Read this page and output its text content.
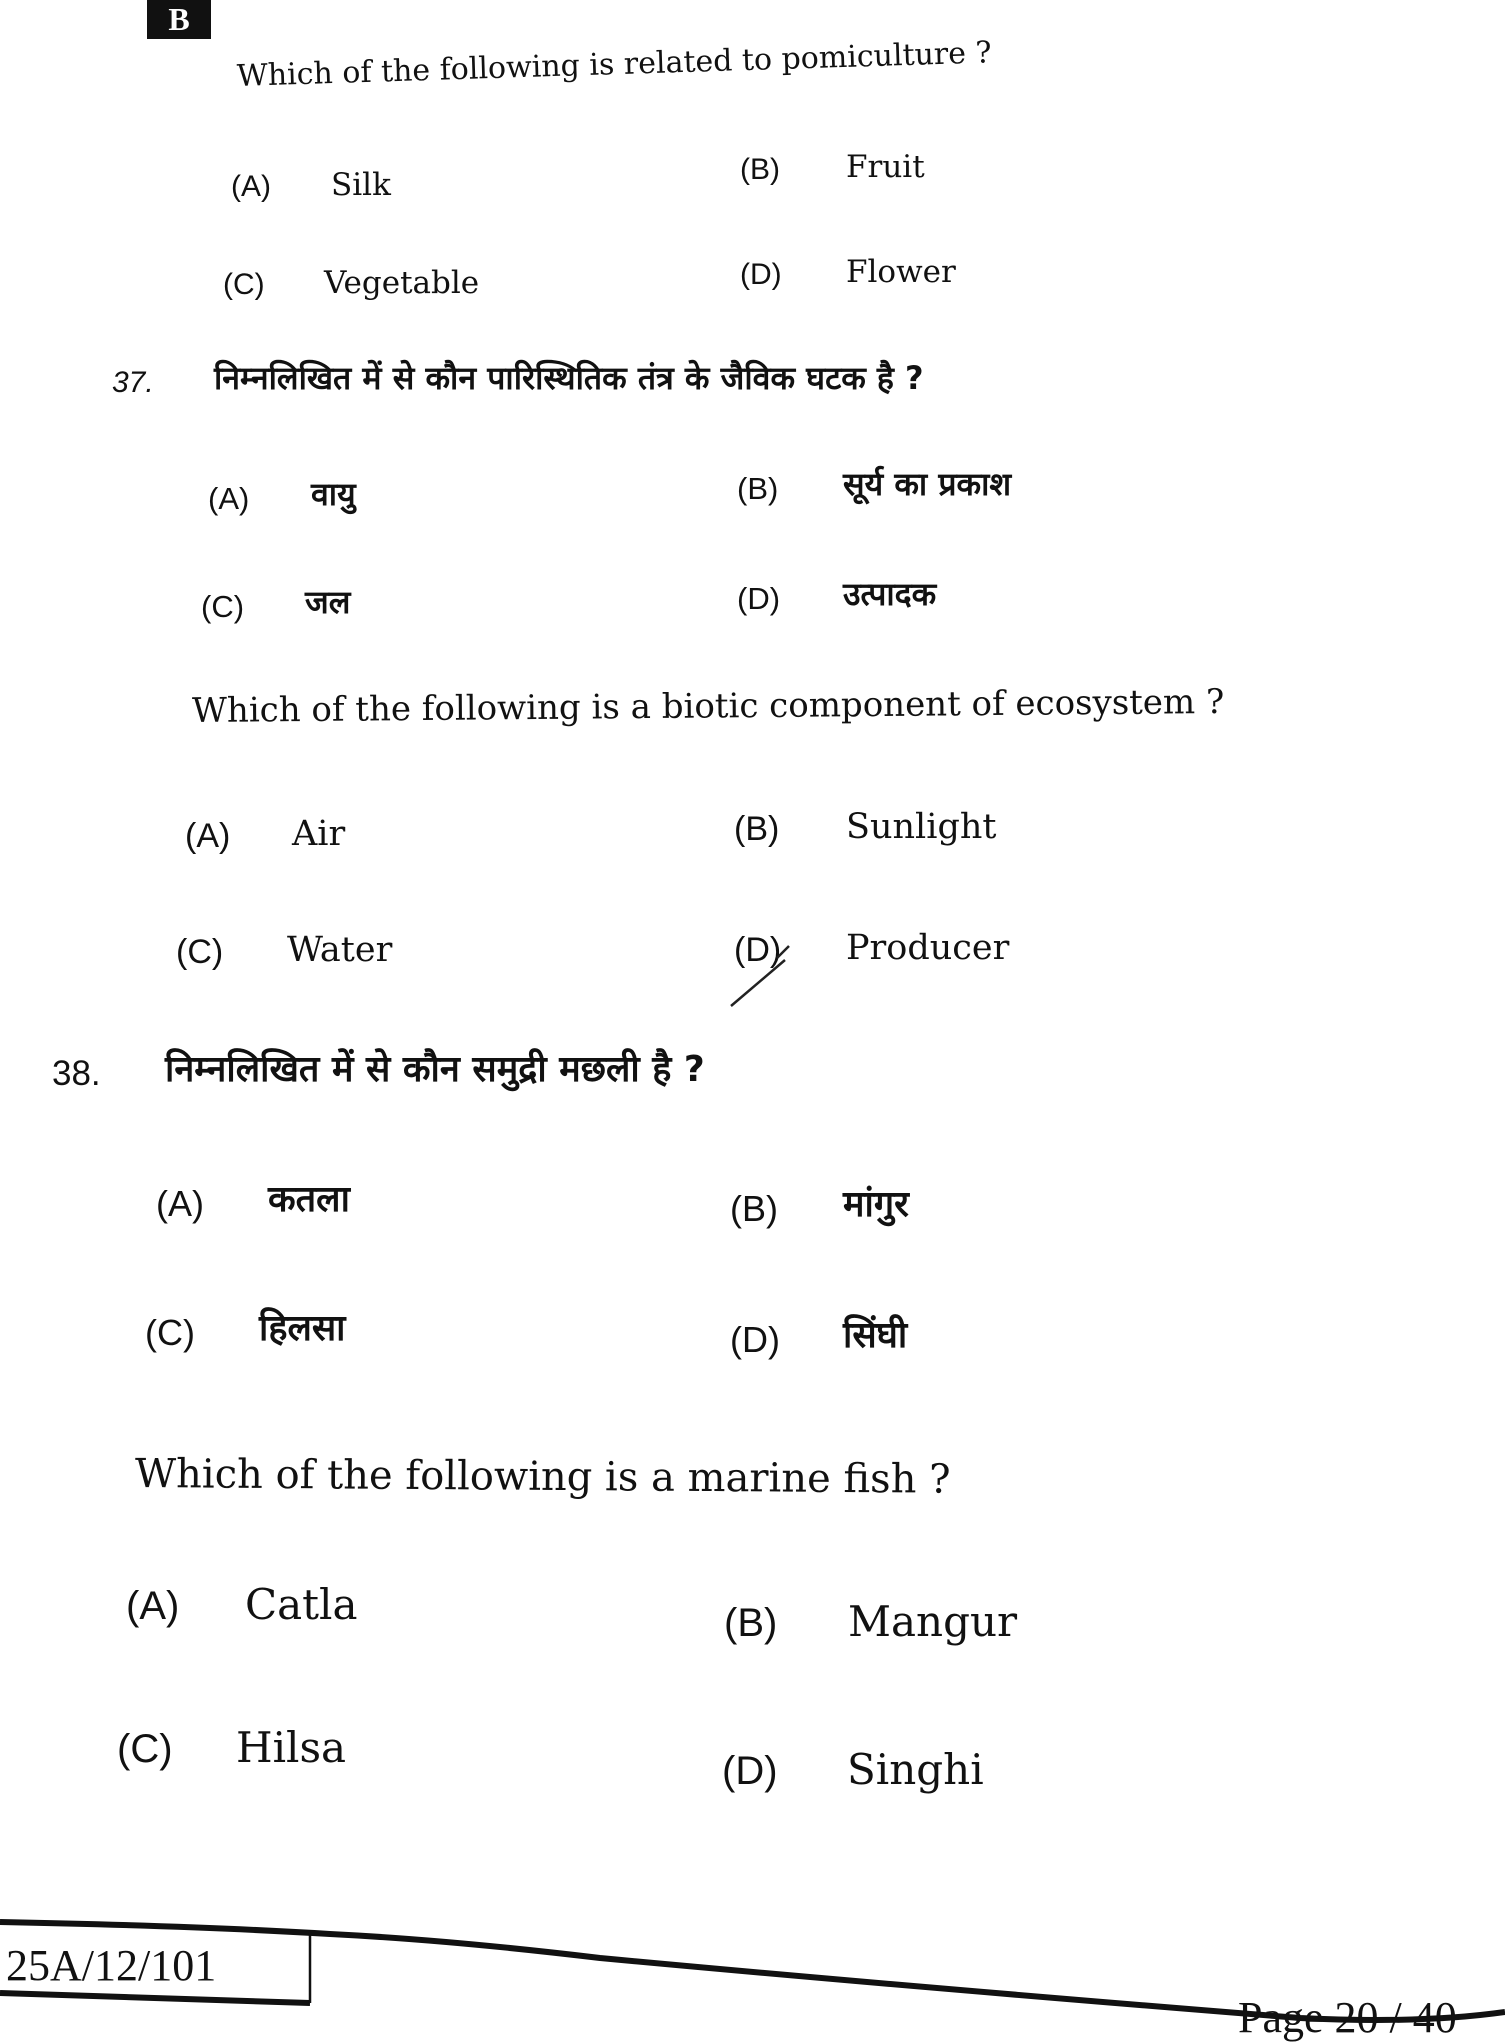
B
Which of the following is related to pomiculture ?
(A) Silk	(B) Fruit
(C) Vegetable	(D) Flower
37. निम्नलिखित में से कौन पारिस्थितिक तंत्र के जैविक घटक है ?
(A) वायु	(B) सूर्य का प्रकाश
(C) जल	(D) उत्पादक
Which of the following is a biotic component of ecosystem ?
(A) Air	(B) Sunlight
(C) Water	(D) Producer
38. निम्नलिखित में से कौन समुद्री मछली है ?
(A) कतला	(B) मांगुर
(C) हिलसा	(D) सिंघी
Which of the following is a marine fish ?
(A) Catla	(B) Mangur
(C) Hilsa	(D) Singhi
25A/12/101
Page 20 / 40
